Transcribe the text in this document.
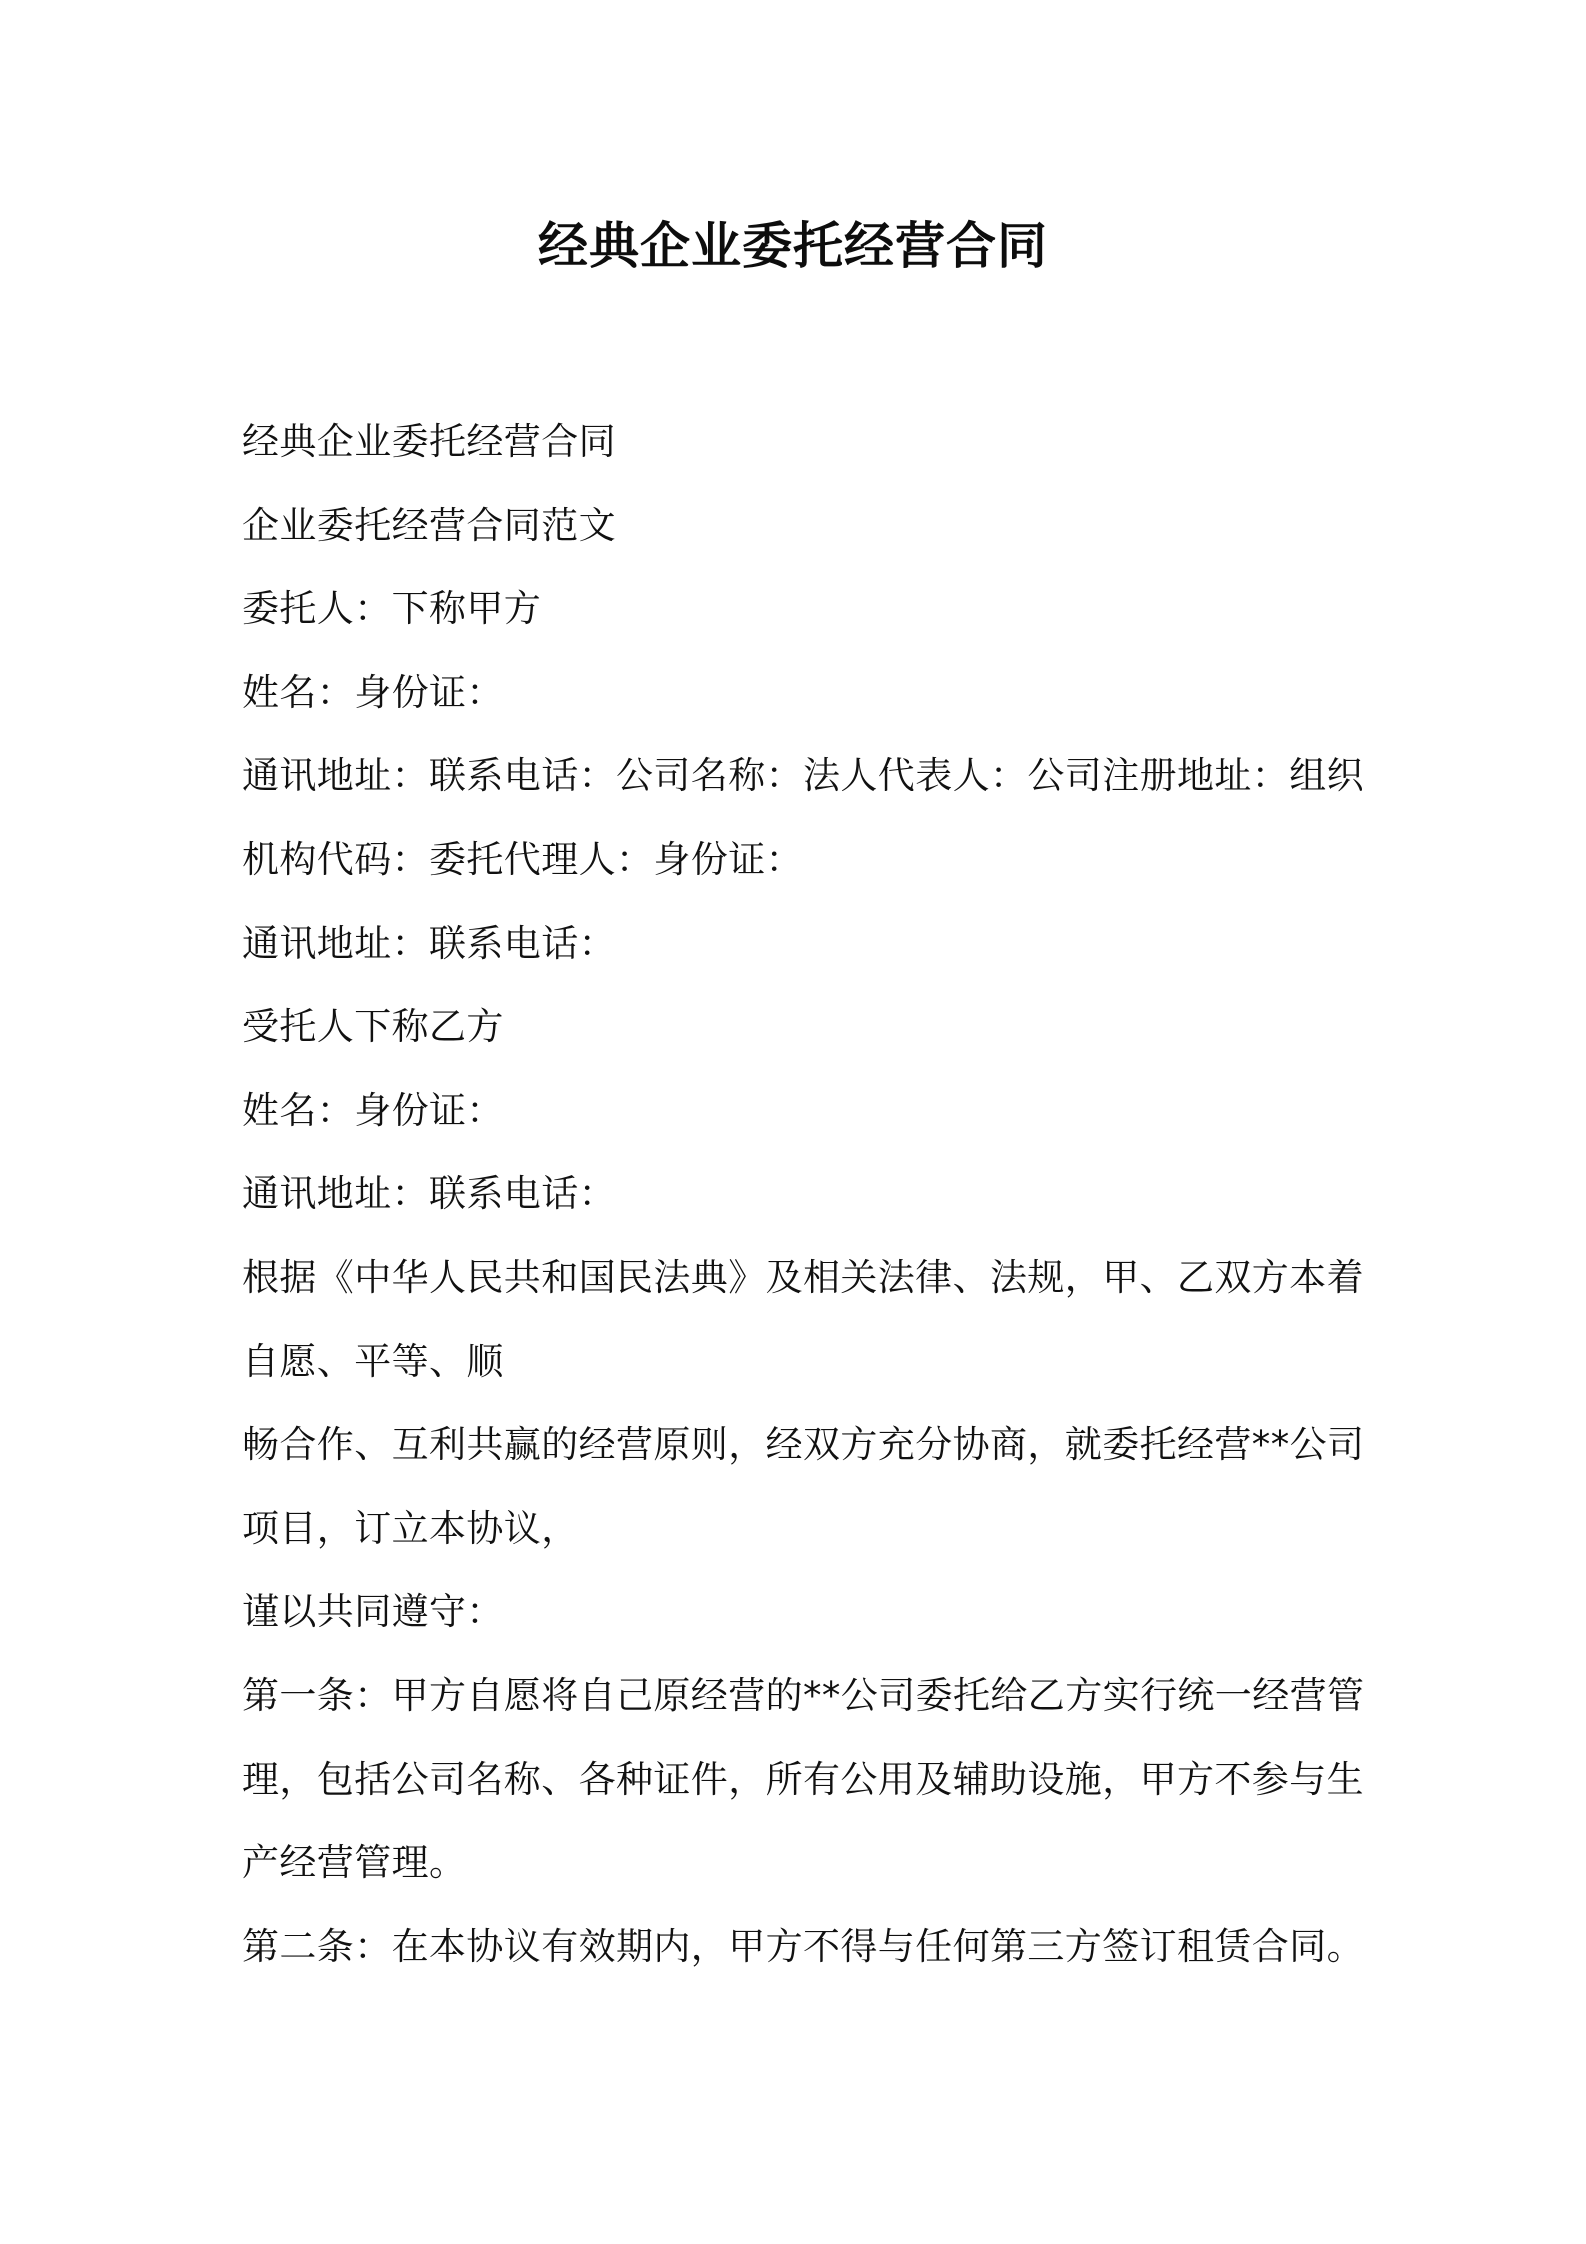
经典企业委托经营合同
经典企业委托经营合同
企业委托经营合同范文
委托人：下称甲方
姓名：身份证：
通讯地址：联系电话：公司名称：法人代表人：公司注册地址：组织
机构代码：委托代理人：身份证：
通讯地址：联系电话：
受托人下称乙方
姓名：身份证：
通讯地址：联系电话：
根据《中华人民共和国民法典》及相关法律、法规，甲、乙双方本着
自愿、平等、顺
畅合作、互利共赢的经营原则，经双方充分协商，就委托经营**公司
项目，订立本协议，
谨以共同遵守：
第一条：甲方自愿将自己原经营的**公司委托给乙方实行统一经营管
理，包括公司名称、各种证件，所有公用及辅助设施，甲方不参与生
产经营管理。
第二条：在本协议有效期内，甲方不得与任何第三方签订租赁合同。
